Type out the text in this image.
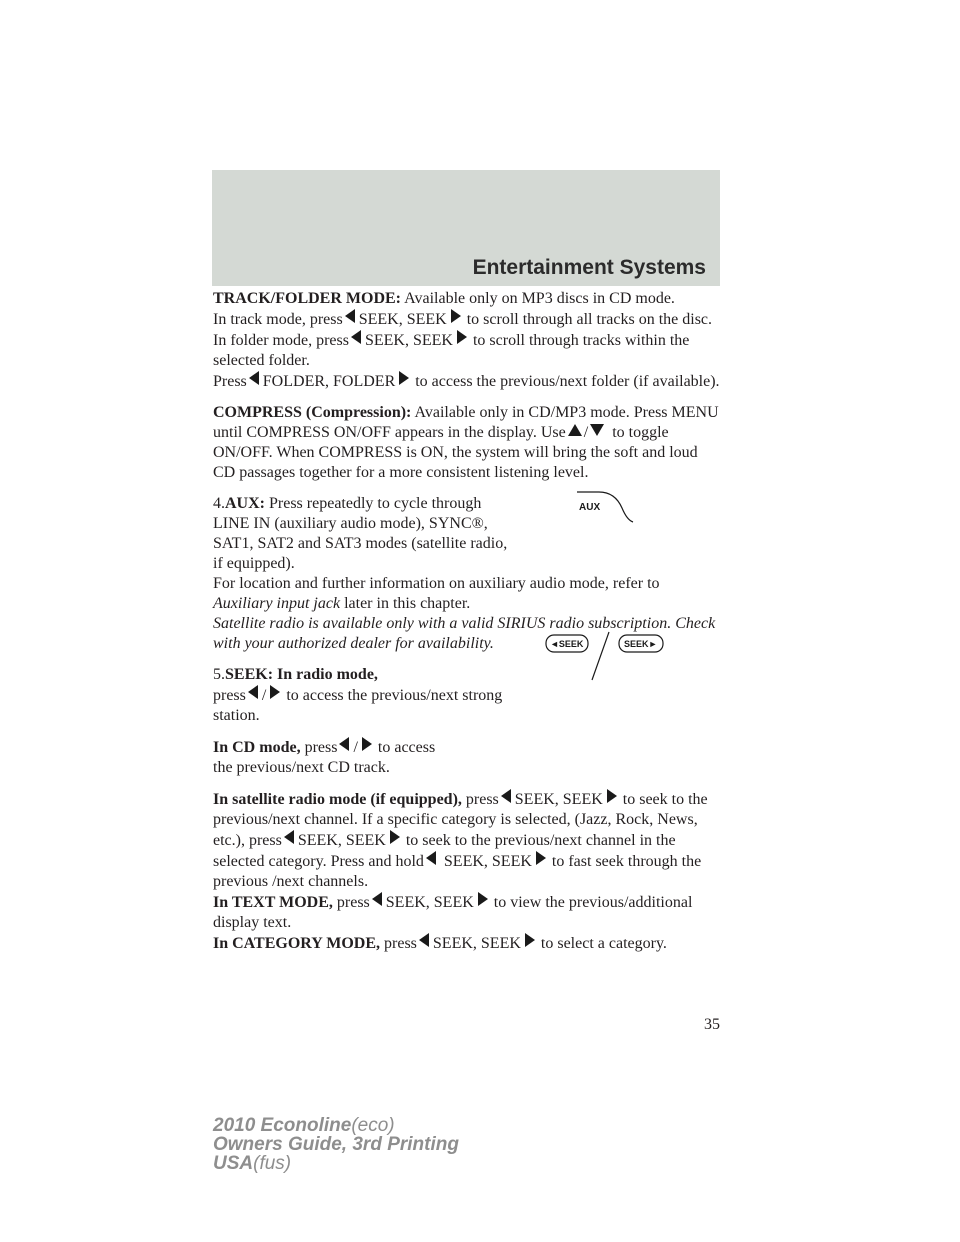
Entertainment Systems

TRACK/FOLDER MODE: Available only on MP3 discs in CD mode.

In track mode, press SEEK, SEEK to scroll through all tracks on the disc.

In folder mode, press SEEK, SEEK to scroll through tracks within the selected folder.

Press FOLDER, FOLDER to access the previous/next folder (if available).

COMPRESS (Compression): Available only in CD/MP3 mode. Press MENU until COMPRESS ON/OFF appears in the display. Use / to toggle ON/OFF. When COMPRESS is ON, the system will bring the soft and loud CD passages together for a more consistent listening level.

4.AUX: Press repeatedly to cycle through LINE IN (auxiliary audio mode), SYNC®, SAT1, SAT2 and SAT3 modes (satellite radio, if equipped).

For location and further information on auxiliary audio mode, refer to Auxiliary input jack later in this chapter.

Satellite radio is available only with a valid SIRIUS radio subscription. Check with your authorized dealer for availability.

5.SEEK: In radio mode,

press / to access the previous/next strong station.

In CD mode, press / to access the previous/next CD track.

In satellite radio mode (if equipped), press SEEK, SEEK to seek to the previous/next channel. If a specific category is selected, (Jazz, Rock, News, etc.), press SEEK, SEEK to seek to the previous/next channel in the selected category. Press and hold SEEK, SEEK to fast seek through the previous /next channels.

In TEXT MODE, press SEEK, SEEK to view the previous/additional display text.

In CATEGORY MODE, press SEEK, SEEK to select a category.

AUX
◄SEEK	SEEK►
35
2010 Econoline(eco)
Owners Guide, 3rd Printing
USA(fus)
